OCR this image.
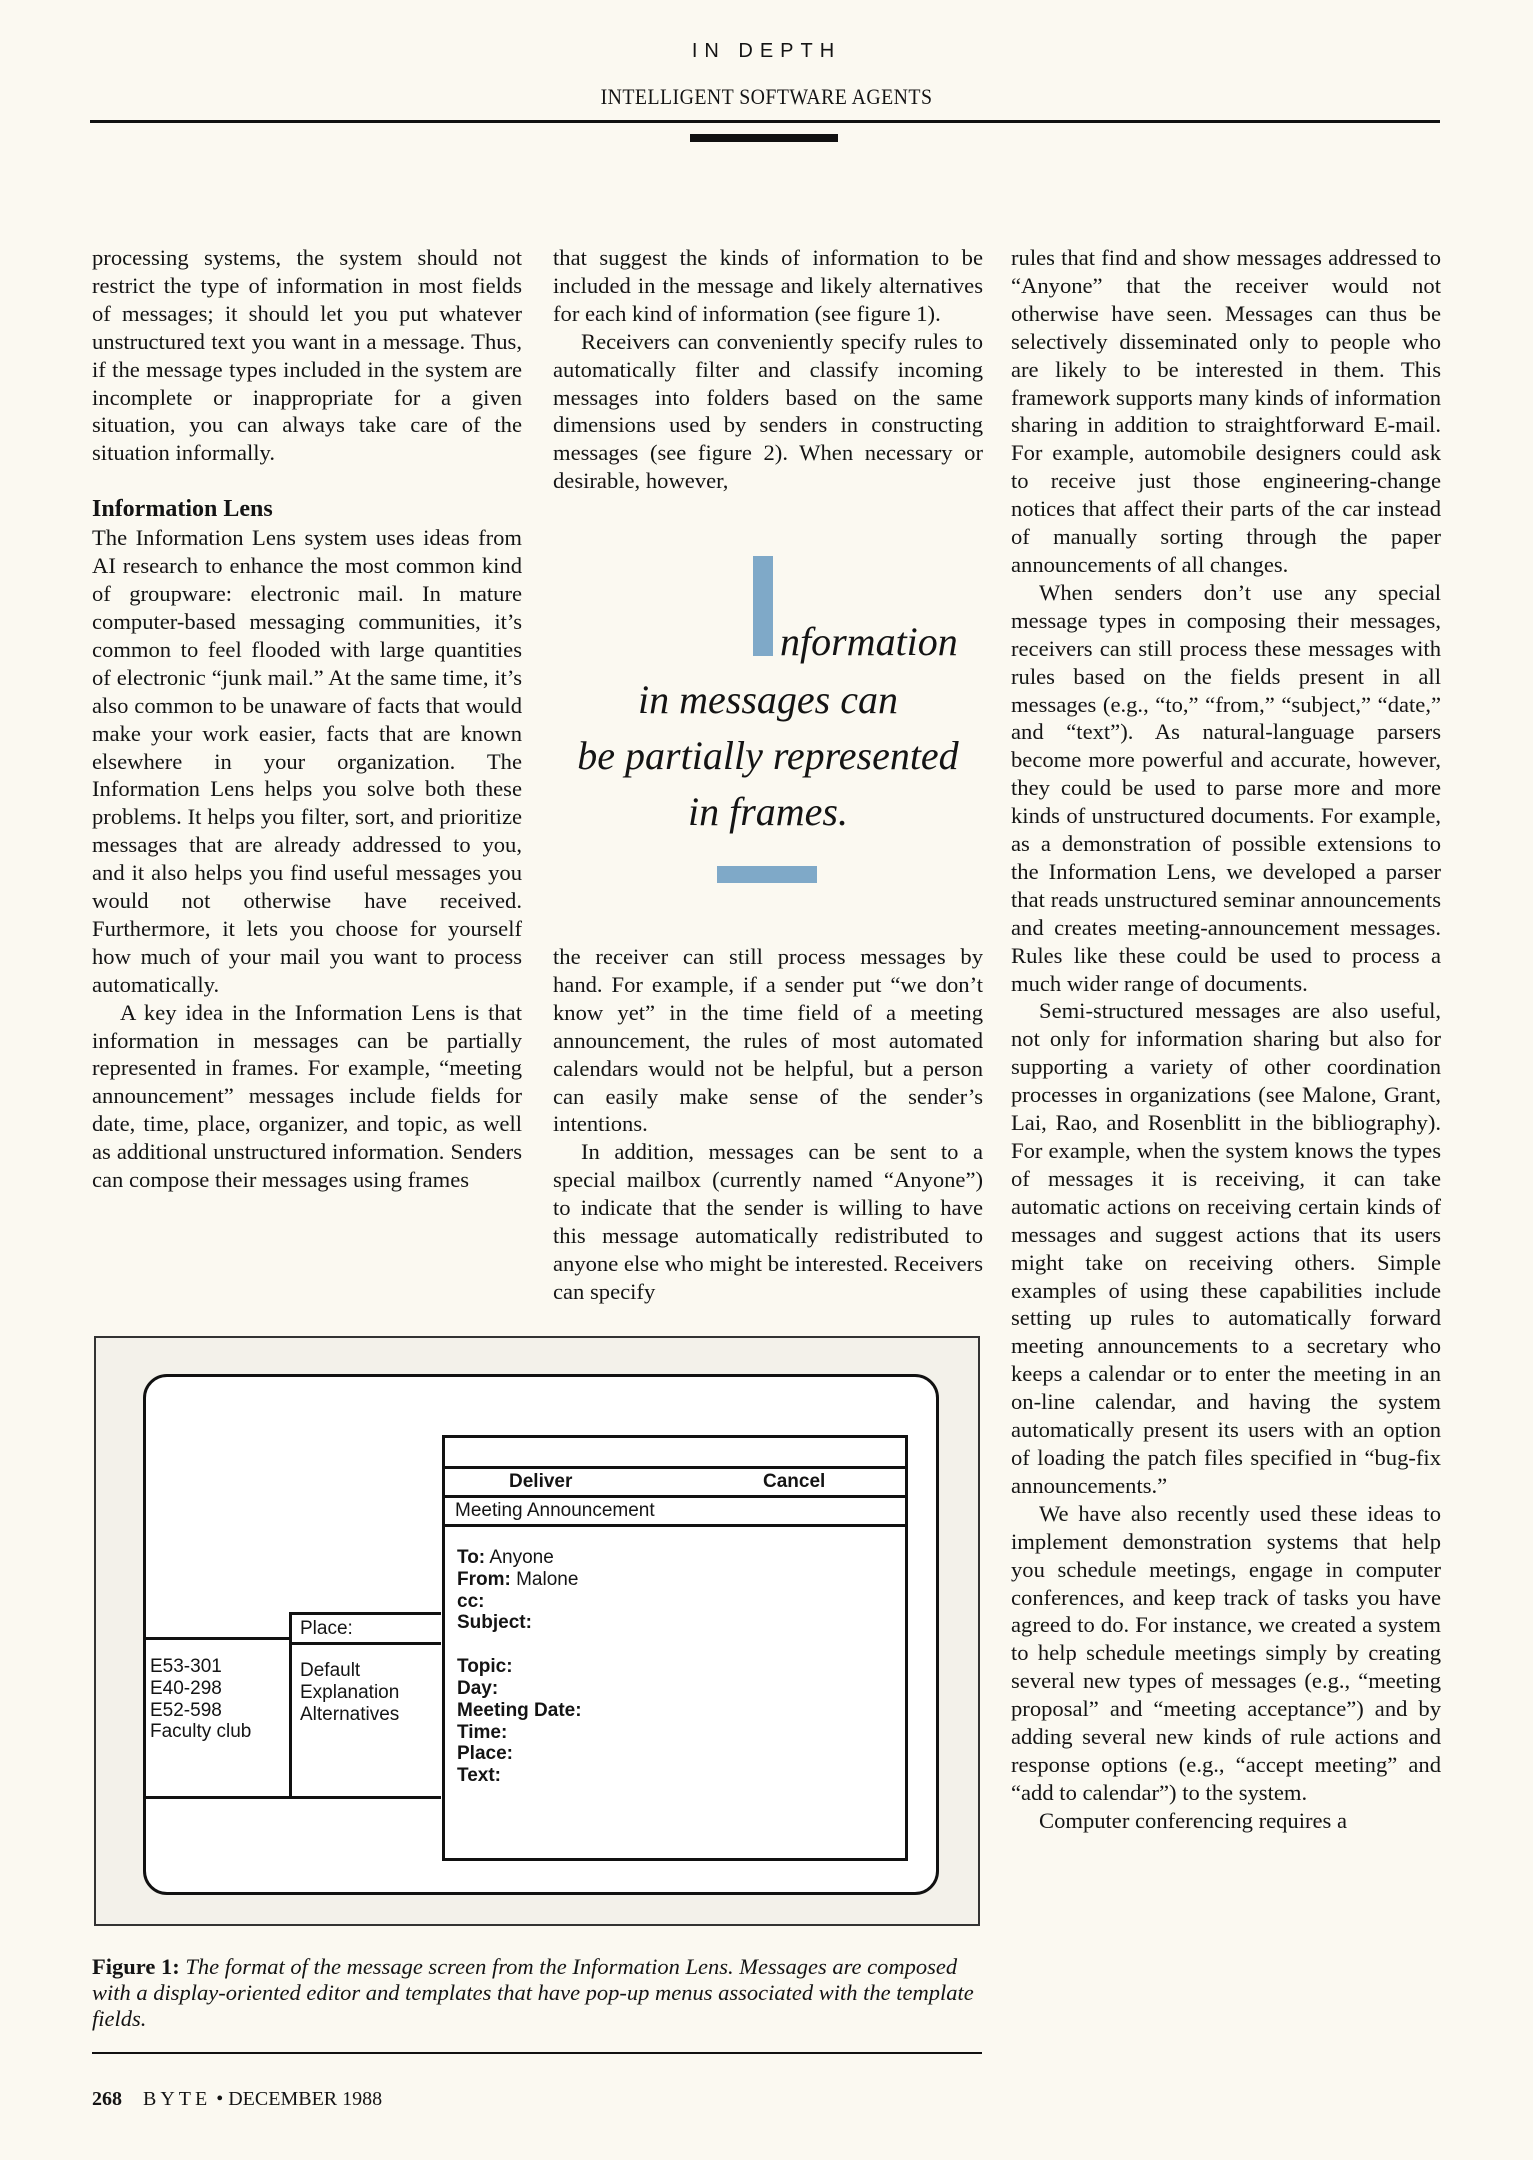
IN DEPTH
INTELLIGENT SOFTWARE AGENTS

processing systems, the system should not restrict the type of information in most fields of messages; it should let you put whatever unstructured text you want in a message. Thus, if the message types included in the system are incomplete or inappropriate for a given situation, you can always take care of the situation informally.

Information Lens

The Information Lens system uses ideas from AI research to enhance the most common kind of groupware: electronic mail. In mature computer-based messaging communities, it’s common to feel flooded with large quantities of electronic “junk mail.” At the same time, it’s also common to be unaware of facts that would make your work easier, facts that are known elsewhere in your organization. The Information Lens helps you solve both these problems. It helps you filter, sort, and prioritize messages that are already addressed to you, and it also helps you find useful messages you would not otherwise have received. Furthermore, it lets you choose for yourself how much of your mail you want to process automatically.

A key idea in the Information Lens is that information in messages can be partially represented in frames. For example, “meeting announcement” messages include fields for date, time, place, organizer, and topic, as well as additional unstructured information. Senders can compose their messages using frames

that suggest the kinds of information to be included in the message and likely alternatives for each kind of information (see figure 1).

Receivers can conveniently specify rules to automatically filter and classify incoming messages into folders based on the same dimensions used by senders in constructing messages (see figure 2). When necessary or desirable, however,

nformation
in messages can
be partially represented
in frames.

the receiver can still process messages by hand. For example, if a sender put “we don’t know yet” in the time field of a meeting announcement, the rules of most automated calendars would not be helpful, but a person can easily make sense of the sender’s intentions.

In addition, messages can be sent to a special mailbox (currently named “Anyone”) to indicate that the sender is willing to have this message automatically redistributed to anyone else who might be interested. Receivers can specify

rules that find and show messages addressed to “Anyone” that the receiver would not otherwise have seen. Messages can thus be selectively disseminated only to people who are likely to be interested in them. This framework supports many kinds of information sharing in addition to straightforward E-mail. For example, automobile designers could ask to receive just those engineering-change notices that affect their parts of the car instead of manually sorting through the paper announcements of all changes.

When senders don’t use any special message types in composing their messages, receivers can still process these messages with rules based on the fields present in all messages (e.g., “to,” “from,” “subject,” “date,” and “text”). As natural-language parsers become more powerful and accurate, however, they could be used to parse more and more kinds of unstructured documents. For example, as a demonstration of possible extensions to the Information Lens, we developed a parser that reads unstructured seminar announcements and creates meeting-announcement messages. Rules like these could be used to process a much wider range of documents.

Semi-structured messages are also useful, not only for information sharing but also for supporting a variety of other coordination processes in organizations (see Malone, Grant, Lai, Rao, and Rosenblitt in the bibliography). For example, when the system knows the types of messages it is receiving, it can take automatic actions on receiving certain kinds of messages and suggest actions that its users might take on receiving others. Simple examples of using these capabilities include setting up rules to automatically forward meeting announcements to a secretary who keeps a calendar or to enter the meeting in an on-line calendar, and having the system automatically present its users with an option of loading the patch files specified in “bug-fix announcements.”

We have also recently used these ideas to implement demonstration systems that help you schedule meetings, engage in computer conferences, and keep track of tasks you have agreed to do. For instance, we created a system to help schedule meetings simply by creating several new types of messages (e.g., “meeting proposal” and “meeting acceptance”) and by adding several new kinds of rule actions and response options (e.g., “accept meeting” and “add to calendar”) to the system.

Computer conferencing requires a

E53-301
E40-298
E52-598
Faculty club
Place:
Default
Explanation
Alternatives
Deliver	Cancel
Meeting Announcement
To: Anyone
From: Malone
cc:
Subject:
Topic:
Day:
Meeting Date:
Time:
Place:
Text:
Figure 1: The format of the message screen from the Information Lens. Messages are composed with a display-oriented editor and templates that have pop-up menus associated with the template fields.
268 BYTE • DECEMBER 1988
